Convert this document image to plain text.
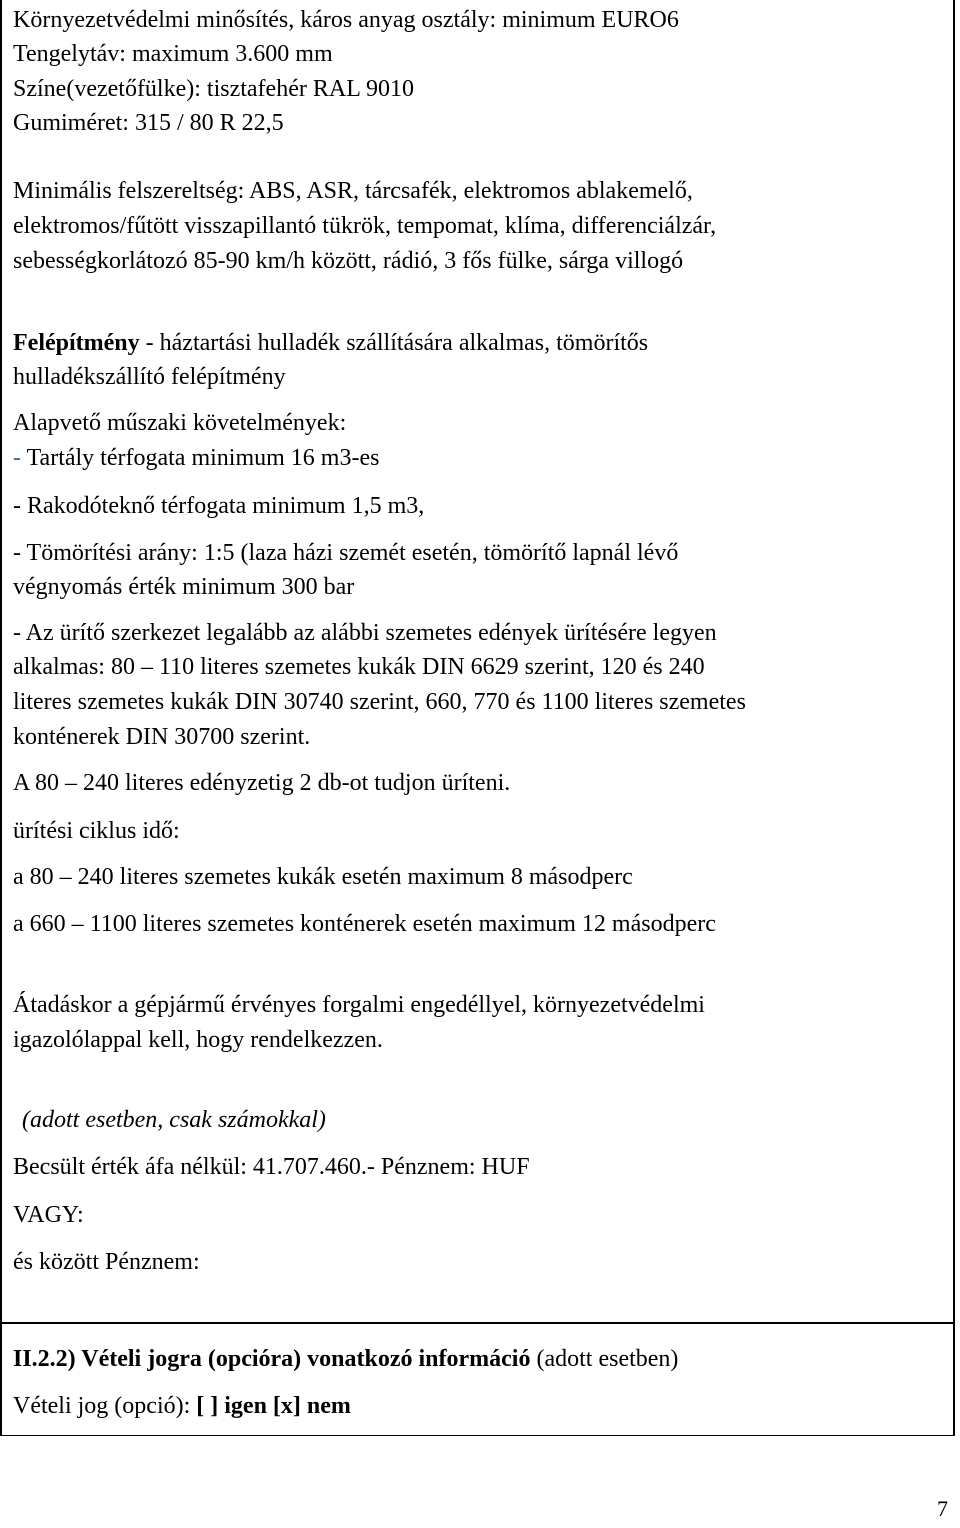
Környezetvédelmi minősítés, káros anyag osztály: minimum EURO6
Tengelytáv: maximum 3.600 mm
Színe(vezetőfülke): tisztafehér RAL 9010
Gumiméret: 315 / 80 R 22,5
Minimális felszereltség: ABS, ASR, tárcsafék, elektromos ablakemelő,
elektromos/fűtött visszapillantó tükrök, tempomat, klíma, differenciálzár,
sebességkorlátozó 85-90 km/h között, rádió, 3 fős fülke, sárga villogó
Felépítmény - háztartási hulladék szállítására alkalmas, tömörítős
hulladékszállító felépítmény
Alapvető műszaki követelmények:
- Tartály térfogata minimum 16 m3-es
- Rakodóteknő térfogata minimum 1,5 m3,
- Tömörítési arány: 1:5 (laza házi szemét esetén, tömörítő lapnál lévő
végnyomás érték minimum 300 bar
- Az ürítő szerkezet legalább az alábbi szemetes edények ürítésére legyen
alkalmas: 80 – 110 literes szemetes kukák DIN 6629 szerint, 120 és 240
literes szemetes kukák DIN 30740 szerint, 660, 770 és 1100 literes szemetes
konténerek DIN 30700 szerint.
A 80 – 240 literes edényzetig 2 db-ot tudjon üríteni.
ürítési ciklus idő:
a 80 – 240 literes szemetes kukák esetén maximum 8 másodperc
a 660 – 1100 literes szemetes konténerek esetén maximum 12 másodperc
Átadáskor a gépjármű érvényes forgalmi engedéllyel, környezetvédelmi
igazolólappal kell, hogy rendelkezzen.
(adott esetben, csak számokkal)
Becsült érték áfa nélkül: 41.707.460.- Pénznem: HUF
VAGY:
és között Pénznem:
II.2.2) Vételi jogra (opcióra) vonatkozó információ (adott esetben)
Vételi jog (opció): [ ] igen [x] nem
7
